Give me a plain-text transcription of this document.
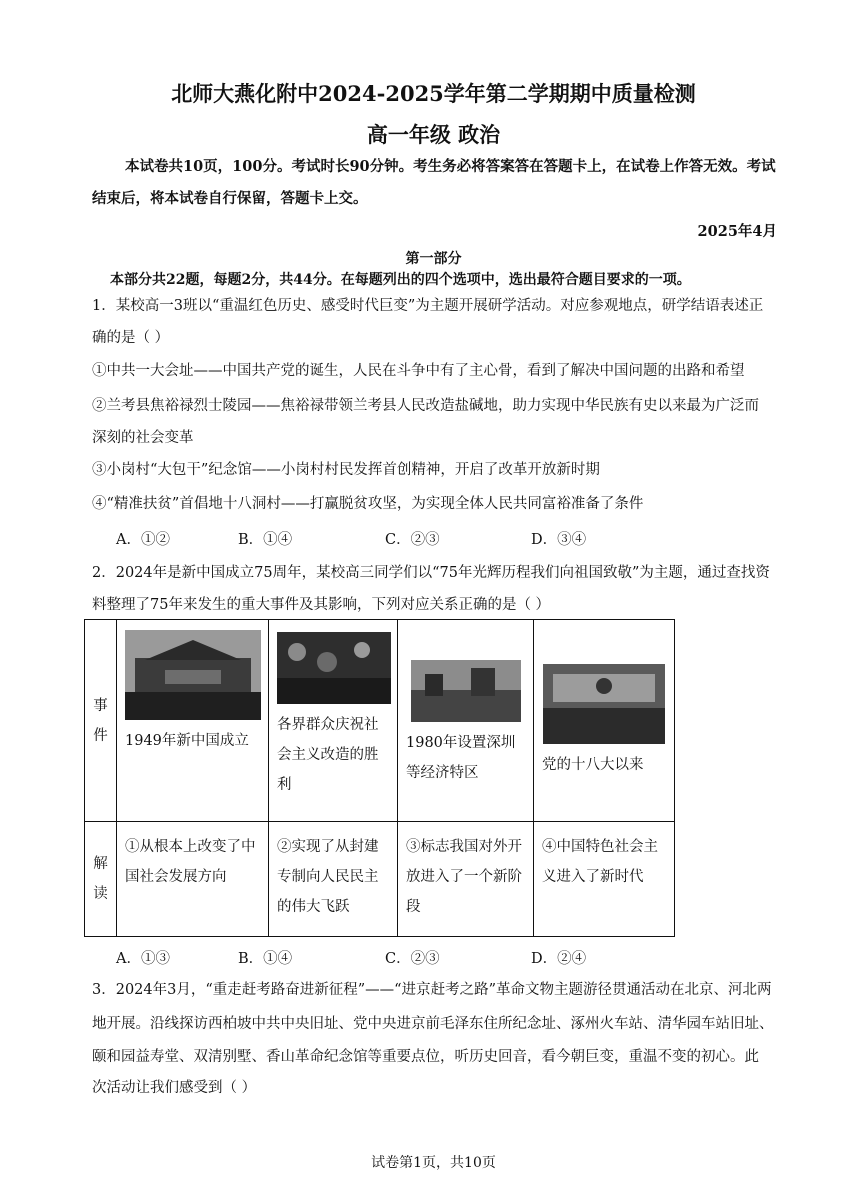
北师大燕化附中2024-2025学年第二学期期中质量检测
高一年级 政治
本试卷共10页，100分。考试时长90分钟。考生务必将答案答在答题卡上，在试卷上作答无效。考试
结束后，将本试卷自行保留，答题卡上交。
2025年4月
第一部分
本部分共22题，每题2分，共44分。在每题列出的四个选项中，选出最符合题目要求的一项。
1．某校高一3班以“重温红色历史、感受时代巨变”为主题开展研学活动。对应参观地点，研学结语表述正
确的是（ ）
①中共一大会址——中国共产党的诞生，人民在斗争中有了主心骨，看到了解决中国问题的出路和希望
②兰考县焦裕禄烈士陵园——焦裕禄带领兰考县人民改造盐碱地，助力实现中华民族有史以来最为广泛而
深刻的社会变革
③小岗村“大包干”纪念馆——小岗村村民发挥首创精神，开启了改革开放新时期
④“精准扶贫”首倡地十八洞村——打赢脱贫攻坚，为实现全体人民共同富裕准备了条件
A．①②	B．①④	C．②③	D．③④
2．2024年是新中国成立75周年，某校高三同学们以“75年光辉历程我们向祖国致敬”为主题，通过查找资
料整理了75年来发生的重大事件及其影响，下列对应关系正确的是（ ）
事件	1949年新中国成立	各界群众庆祝社会主义改造的胜利	1980年设置深圳等经济特区	党的十八大以来

解读	①从根本上改变了中国社会发展方向	②实现了从封建专制向人民民主的伟大飞跃	③标志我国对外开放进入了一个新阶段	④中国特色社会主义进入了新时代
A．①③	B．①④	C．②③	D．②④
3．2024年3月，“重走赶考路奋进新征程”——“进京赶考之路”革命文物主题游径贯通活动在北京、河北两
地开展。沿线探访西柏坡中共中央旧址、党中央进京前毛泽东住所纪念址、涿州火车站、清华园车站旧址、
颐和园益寿堂、双清别墅、香山革命纪念馆等重要点位，听历史回音，看今朝巨变，重温不变的初心。此
次活动让我们感受到（ ）
试卷第1页，共10页
